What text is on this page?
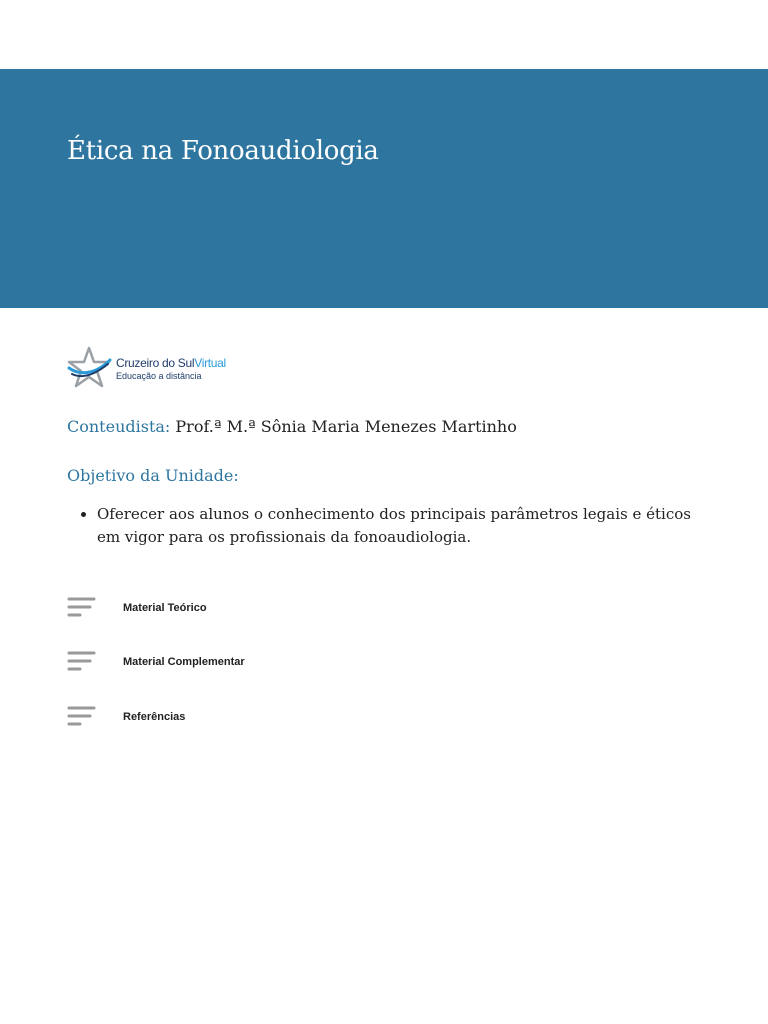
Ética na Fonoaudiologia
Cruzeiro do SulVirtual
Educação a distância
Conteudista: Prof.ª M.ª Sônia Maria Menezes Martinho
Objetivo da Unidade:
• Oferecer aos alunos o conhecimento dos principais parâmetros legais e éticos em vigor para os profissionais da fonoaudiologia.
Material Teórico
Material Complementar
Referências
